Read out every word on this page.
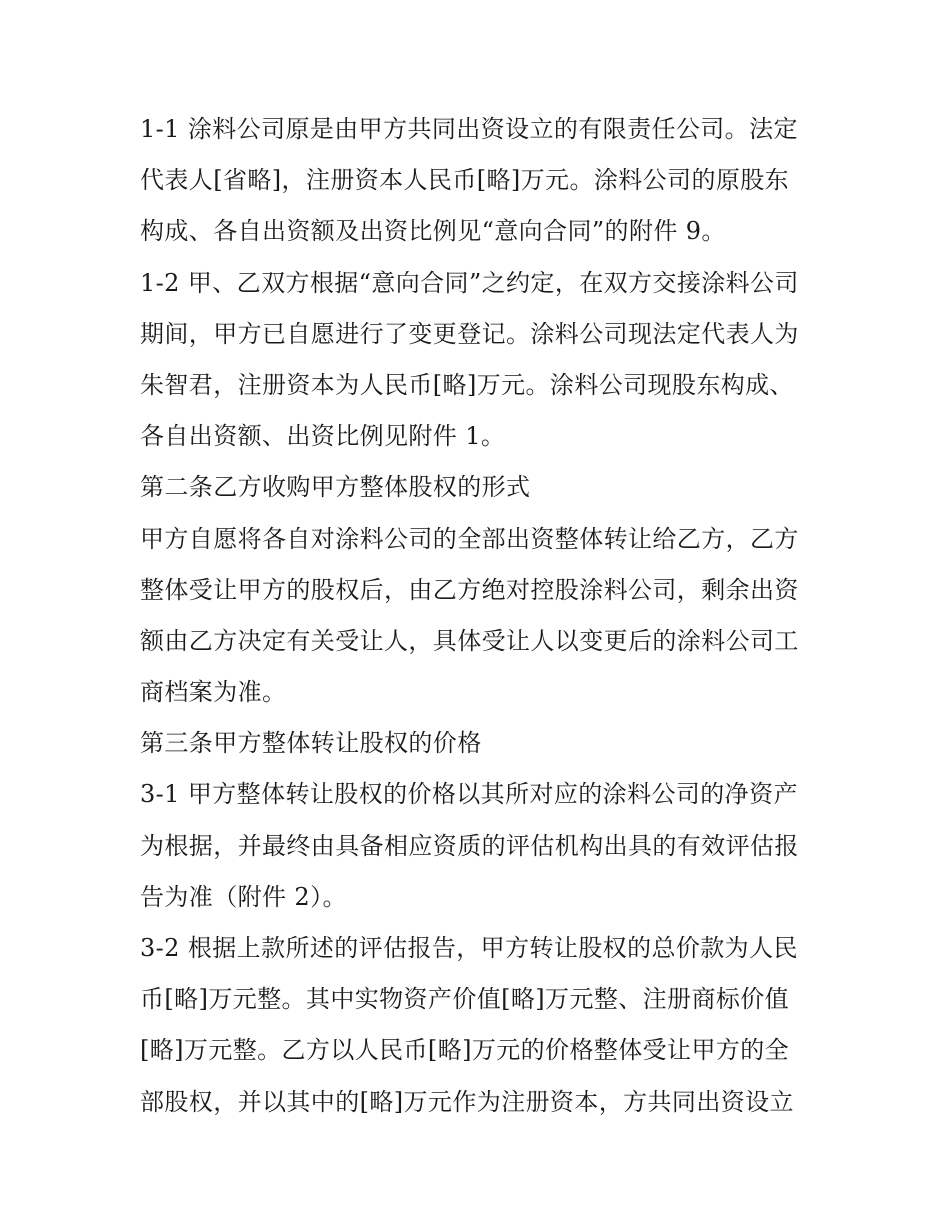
1-1 涂料公司原是由甲方共同出资设立的有限责任公司。法定
代表人[省略]，注册资本人民币[略]万元。涂料公司的原股东
构成、各自出资额及出资比例见“意向合同”的附件 9。
1-2 甲、乙双方根据“意向合同”之约定，在双方交接涂料公司
期间，甲方已自愿进行了变更登记。涂料公司现法定代表人为
朱智君，注册资本为人民币[略]万元。涂料公司现股东构成、
各自出资额、出资比例见附件 1。
第二条乙方收购甲方整体股权的形式
甲方自愿将各自对涂料公司的全部出资整体转让给乙方，乙方
整体受让甲方的股权后，由乙方绝对控股涂料公司，剩余出资
额由乙方决定有关受让人，具体受让人以变更后的涂料公司工
商档案为准。
第三条甲方整体转让股权的价格
3-1 甲方整体转让股权的价格以其所对应的涂料公司的净资产
为根据，并最终由具备相应资质的评估机构出具的有效评估报
告为准（附件 2）。
3-2 根据上款所述的评估报告，甲方转让股权的总价款为人民
币[略]万元整。其中实物资产价值[略]万元整、注册商标价值
[略]万元整。乙方以人民币[略]万元的价格整体受让甲方的全
部股权，并以其中的[略]万元作为注册资本，方共同出资设立
